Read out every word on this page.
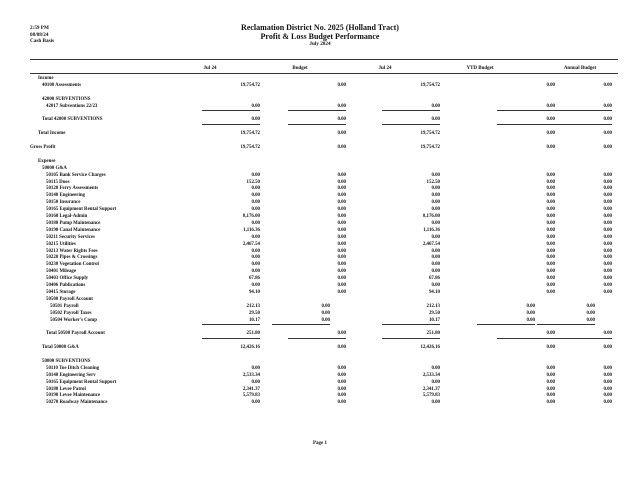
2:59 PM
08/08/24
Cash Basis
Reclamation District No. 2025 (Holland Tract)
Profit & Loss Budget Performance
July 2024
Jul 24	Budget	Jul 24	YTD Budget	Annual Budget
Income
40100 Assessments	19,754.72	0.00	19,754.72	0.00	0.00
42000 SUBVENTIONS
42017 Subventions 22/23	0.00	0.00	0.00	0.00	0.00
Total 42000 SUBVENTIONS	0.00	0.00	0.00	0.00	0.00
Total Income	19,754.72	0.00	19,754.72	0.00	0.00
Gross Profit	19,754.72	0.00	19,754.72	0.00	0.00
Expense
50000 G&A
50105 Bank Service Charges	0.00	0.00	0.00	0.00	0.00
50115 Dues	152.50	0.00	152.50	0.00	0.00
50120 Ferry Assessments	0.00	0.00	0.00	0.00	0.00
50140 Engineering	0.00	0.00	0.00	0.00	0.00
50150 Insurance	0.00	0.00	0.00	0.00	0.00
50165 Equipment Rental Support	0.00	0.00	0.00	0.00	0.00
50160 Legal-Admin	8,176.00	0.00	8,176.00	0.00	0.00
50180 Pump Maintenance	0.00	0.00	0.00	0.00	0.00
50190 Canal Maintenance	1,116.36	0.00	1,116.36	0.00	0.00
50211 Security Services	0.00	0.00	0.00	0.00	0.00
50215 Utilities	2,467.54	0.00	2,467.54	0.00	0.00
50213 Water Rights Fees	0.00	0.00	0.00	0.00	0.00
50220 Pipes & Crossings	0.00	0.00	0.00	0.00	0.00
50230 Vegetation Control	0.00	0.00	0.00	0.00	0.00
50401 Mileage	0.00	0.00	0.00	0.00	0.00
50403 Office Supply	67.86	0.00	67.86	0.00	0.00
50406 Publications	0.00	0.00	0.00	0.00	0.00
50415 Storage	94.10	0.00	94.10	0.00	0.00
50500 Payroll Account
50501 Payroll	212.13	0.00	212.13	0.00	0.00
50502 Payroll Taxes	29.50	0.00	29.50	0.00	0.00
50504 Worker's Comp	10.17	0.00	10.17	0.00	0.00
Total 50500 Payroll Account	251.80	0.00	251.80	0.00	0.00
Total 50000 G&A	12,426.16	0.00	12,426.16	0.00	0.00
50800 SUBVENTIONS
50110 Toe Ditch Cleaning	0.00	0.00	0.00	0.00	0.00
50140 Engineering Serv	2,533.34	0.00	2,533.34	0.00	0.00
50165 Equipment Rental Support	0.00	0.00	0.00	0.00	0.00
50180 Levee Patrol	2,341.37	0.00	2,341.37	0.00	0.00
50190 Levee Maintenance	5,579.83	0.00	5,579.83	0.00	0.00
50270 Roadway Maintenance	0.00	0.00	0.00	0.00	0.00
Page 1
